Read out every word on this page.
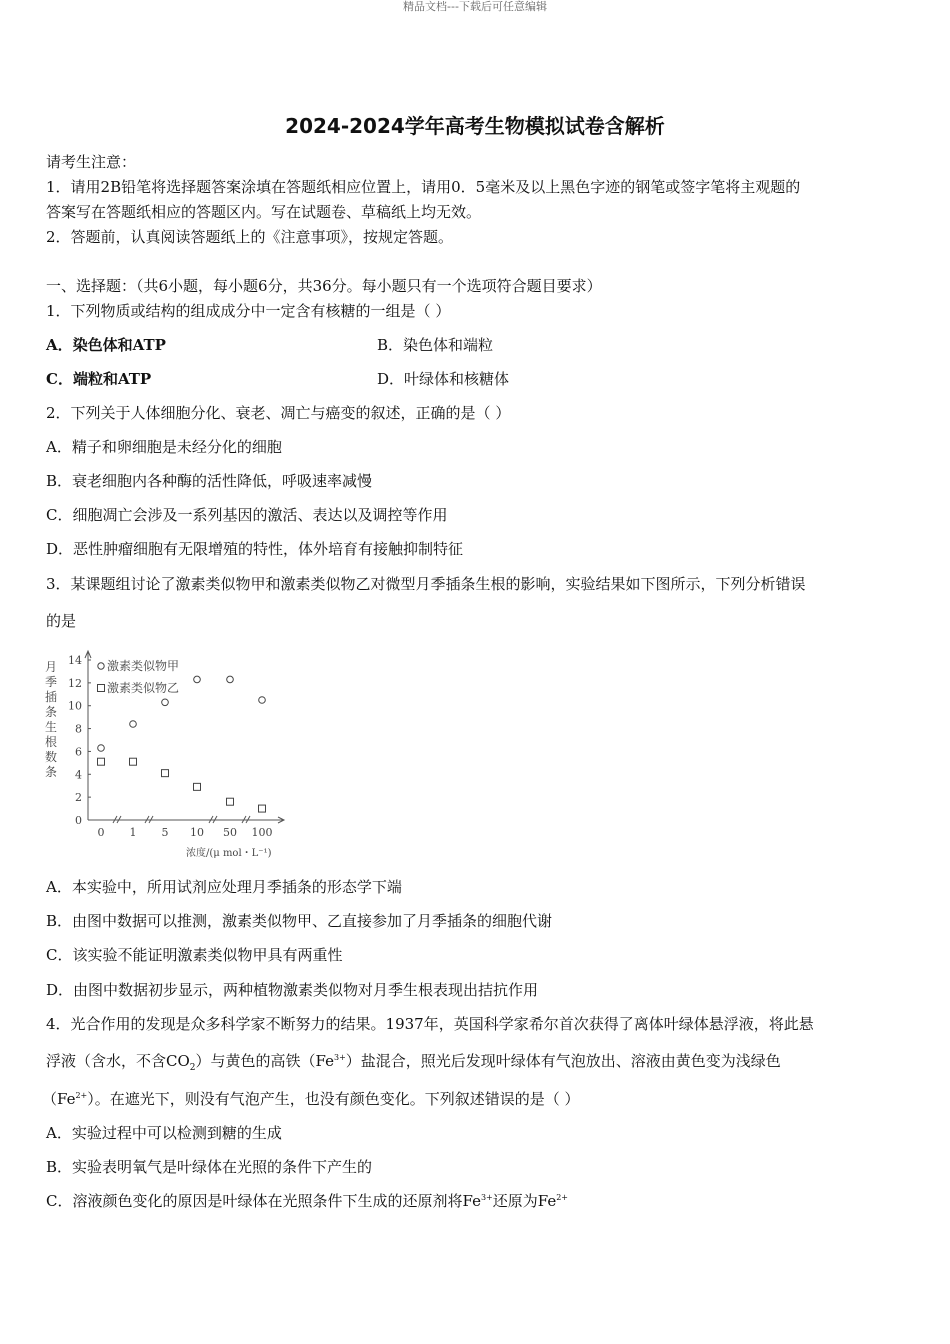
精品文档---下载后可任意编辑
2024-2024学年高考生物模拟试卷含解析
请考生注意：
1．请用2B铅笔将选择题答案涂填在答题纸相应位置上，请用0．5毫米及以上黑色字迹的钢笔或签字笔将主观题的
答案写在答题纸相应的答题区内。写在试题卷、草稿纸上均无效。
2．答题前，认真阅读答题纸上的《注意事项》，按规定答题。
一、选择题：（共6小题，每小题6分，共36分。每小题只有一个选项符合题目要求）
1．下列物质或结构的组成成分中一定含有核糖的一组是（ ）
A．染色体和ATP	B．染色体和端粒
C．端粒和ATP	D．叶绿体和核糖体
2．下列关于人体细胞分化、衰老、凋亡与癌变的叙述，正确的是（ ）
A．精子和卵细胞是未经分化的细胞
B．衰老细胞内各种酶的活性降低，呼吸速率减慢
C．细胞凋亡会涉及一系列基因的激活、表达以及调控等作用
D．恶性肿瘤细胞有无限增殖的特性，体外培育有接触抑制特征
3．某课题组讨论了激素类似物甲和激素类似物乙对微型月季插条生根的影响，实验结果如下图所示，下列分析错误
的是
0
2
4
6
8
10
12
14
0 1 5 10 50 100
月
季
插
条
生
根
数
条
浓度/(μ mol・L⁻¹)
激素类似物甲
激素类似物乙
A．本实验中，所用试剂应处理月季插条的形态学下端
B．由图中数据可以推测，激素类似物甲、乙直接参加了月季插条的细胞代谢
C．该实验不能证明激素类似物甲具有两重性
D．由图中数据初步显示，两种植物激素类似物对月季生根表现出拮抗作用
4．光合作用的发现是众多科学家不断努力的结果。1937年，英国科学家希尔首次获得了离体叶绿体悬浮液，将此悬
浮液（含水，不含$CO_2$）与黄色的高铁$(Fe^{3+})$盐混合，照光后发现叶绿体有气泡放出、溶液由黄色变为浅绿色
$(Fe^{2+})$。在遮光下，则没有气泡产生，也没有颜色变化。下列叙述错误的是（ ）
A．实验过程中可以检测到糖的生成
B．实验表明氧气是叶绿体在光照的条件下产生的
C．溶液颜色变化的原因是叶绿体在光照条件下生成的还原剂将$Fe^{3+}$还原为$Fe^{2+}$
